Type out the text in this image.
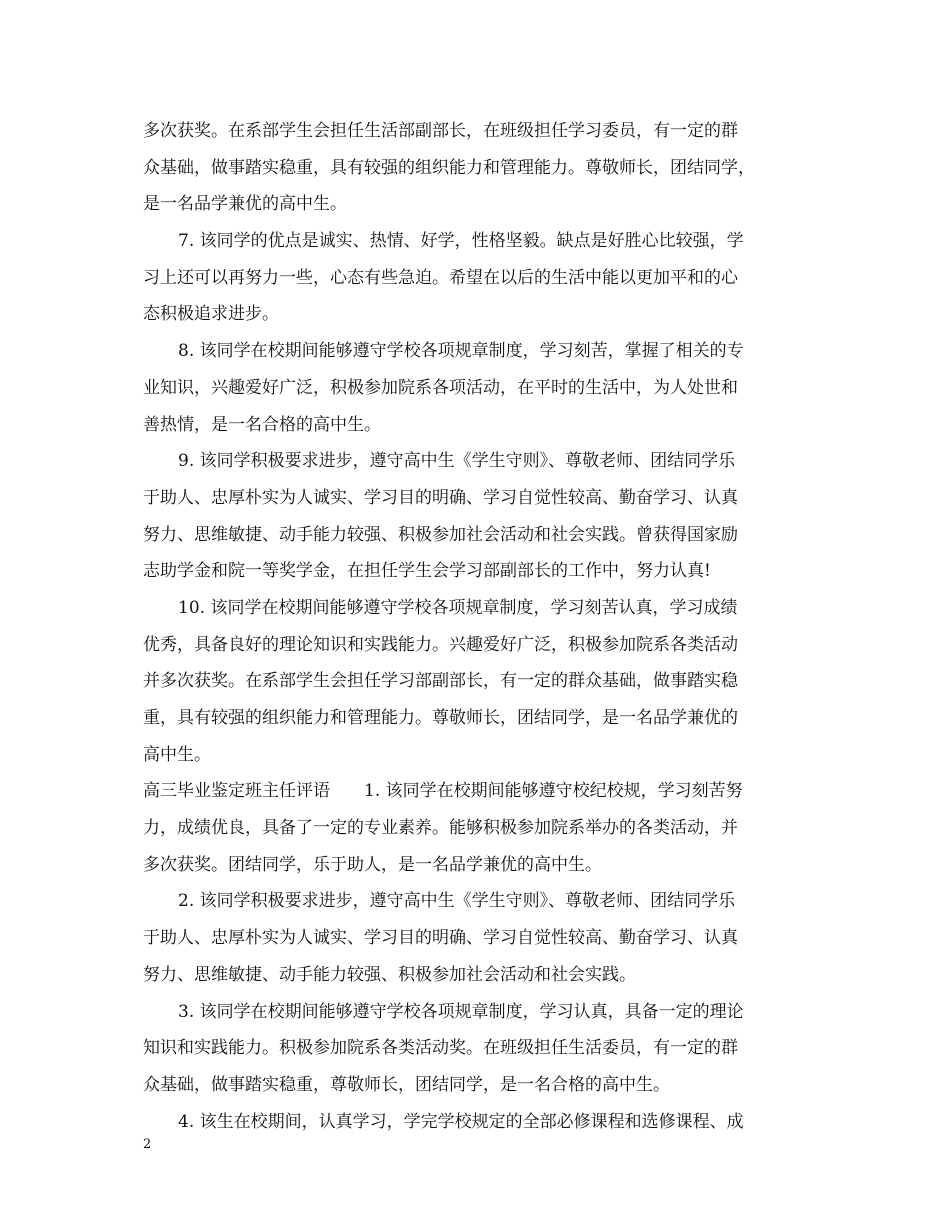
多次获奖。在系部学生会担任生活部副部长，在班级担任学习委员，有一定的群
众基础，做事踏实稳重，具有较强的组织能力和管理能力。尊敬师长，团结同学，
是一名品学兼优的高中生。
7. 该同学的优点是诚实、热情、好学，性格坚毅。缺点是好胜心比较强，学
习上还可以再努力一些，心态有些急迫。希望在以后的生活中能以更加平和的心
态积极追求进步。
8. 该同学在校期间能够遵守学校各项规章制度，学习刻苦，掌握了相关的专
业知识，兴趣爱好广泛，积极参加院系各项活动，在平时的生活中，为人处世和
善热情，是一名合格的高中生。
9. 该同学积极要求进步，遵守高中生《学生守则》、尊敬老师、团结同学乐
于助人、忠厚朴实为人诚实、学习目的明确、学习自觉性较高、勤奋学习、认真
努力、思维敏捷、动手能力较强、积极参加社会活动和社会实践。曾获得国家励
志助学金和院一等奖学金，在担任学生会学习部副部长的工作中，努力认真!
10. 该同学在校期间能够遵守学校各项规章制度，学习刻苦认真，学习成绩
优秀，具备良好的理论知识和实践能力。兴趣爱好广泛，积极参加院系各类活动
并多次获奖。在系部学生会担任学习部副部长，有一定的群众基础，做事踏实稳
重，具有较强的组织能力和管理能力。尊敬师长，团结同学，是一名品学兼优的
高中生。
高三毕业鉴定班主任评语　　1. 该同学在校期间能够遵守校纪校规，学习刻苦努
力，成绩优良，具备了一定的专业素养。能够积极参加院系举办的各类活动，并
多次获奖。团结同学，乐于助人，是一名品学兼优的高中生。
2. 该同学积极要求进步，遵守高中生《学生守则》、尊敬老师、团结同学乐
于助人、忠厚朴实为人诚实、学习目的明确、学习自觉性较高、勤奋学习、认真
努力、思维敏捷、动手能力较强、积极参加社会活动和社会实践。
3. 该同学在校期间能够遵守学校各项规章制度，学习认真，具备一定的理论
知识和实践能力。积极参加院系各类活动奖。在班级担任生活委员，有一定的群
众基础，做事踏实稳重，尊敬师长，团结同学，是一名合格的高中生。
4. 该生在校期间，认真学习，学完学校规定的全部必修课程和选修课程、成
2
